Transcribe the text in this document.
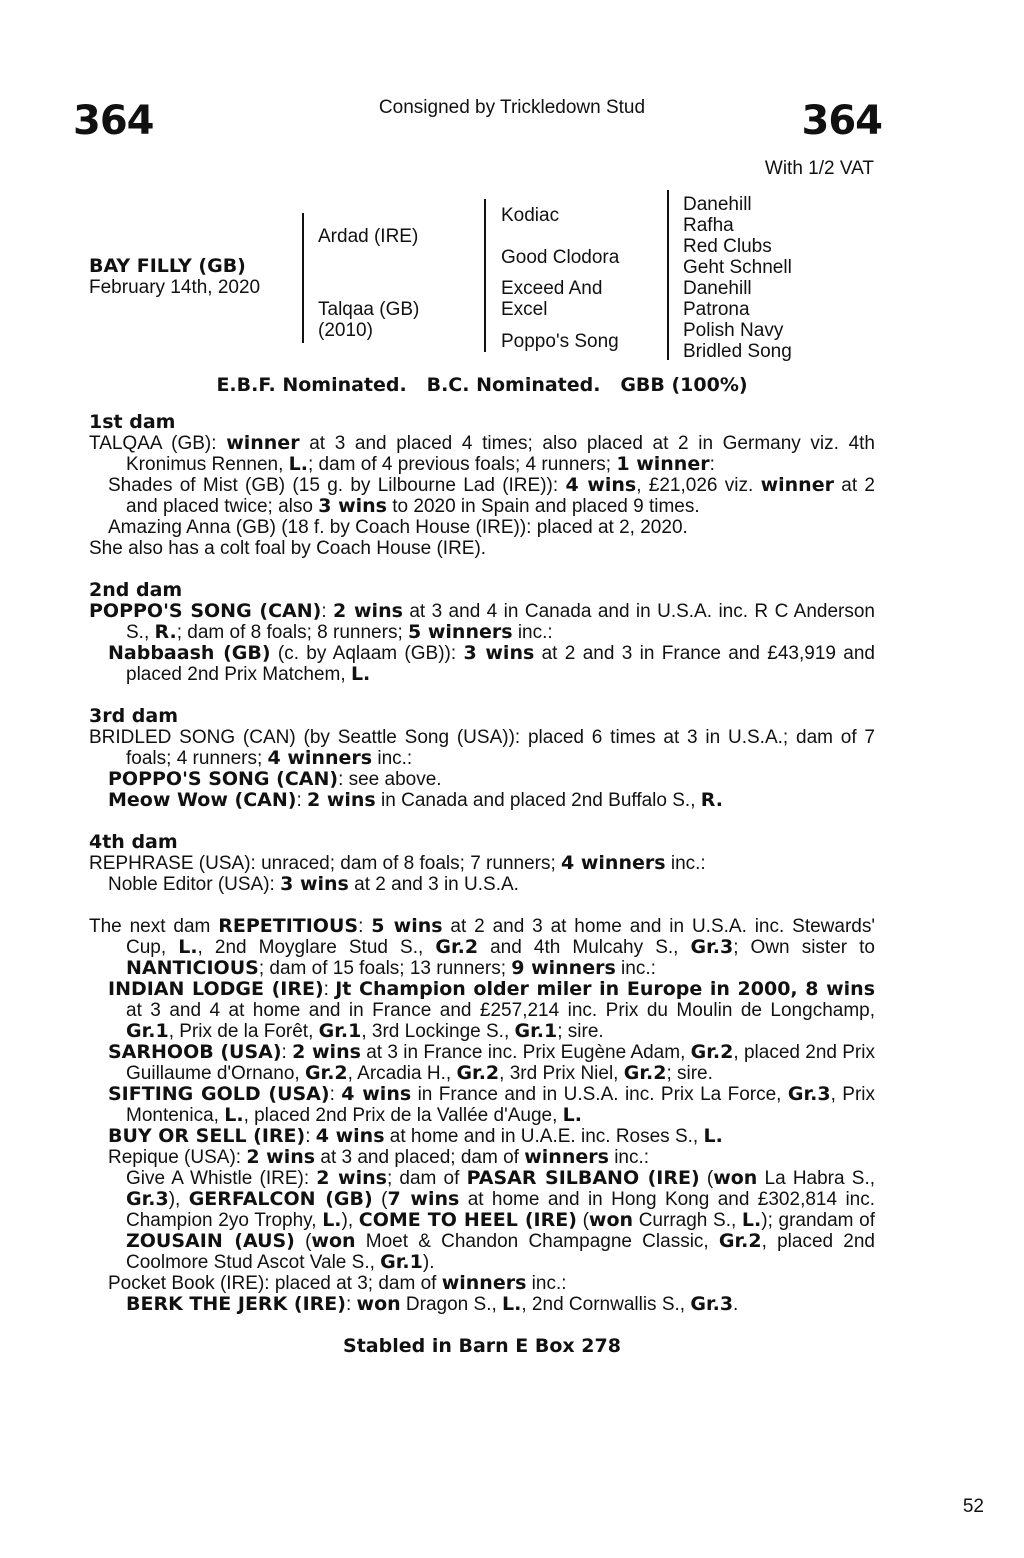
364	Consigned by Trickledown Stud	364
With 1/2 VAT
BAY FILLY (GB)
February 14th, 2020
Ardad (IRE)
Talqaa (GB)
(2010)
Kodiac
Good Clodora
Exceed And
Excel
Poppo's Song
Danehill
Rafha
Red Clubs
Geht Schnell
Danehill
Patrona
Polish Navy
Bridled Song
E.B.F. Nominated.   B.C. Nominated.   GBB (100%)
1st dam
TALQAA (GB): winner at 3 and placed 4 times; also placed at 2 in Germany viz. 4th Kronimus Rennen, L.; dam of 4 previous foals; 4 runners; 1 winner:
Shades of Mist (GB) (15 g. by Lilbourne Lad (IRE)): 4 wins, £21,026 viz. winner at 2 and placed twice; also 3 wins to 2020 in Spain and placed 9 times.
Amazing Anna (GB) (18 f. by Coach House (IRE)): placed at 2, 2020.
She also has a colt foal by Coach House (IRE).
2nd dam
POPPO'S SONG (CAN): 2 wins at 3 and 4 in Canada and in U.S.A. inc. R C Anderson S., R.; dam of 8 foals; 8 runners; 5 winners inc.:
Nabbaash (GB) (c. by Aqlaam (GB)): 3 wins at 2 and 3 in France and £43,919 and placed 2nd Prix Matchem, L.
3rd dam
BRIDLED SONG (CAN) (by Seattle Song (USA)): placed 6 times at 3 in U.S.A.; dam of 7 foals; 4 runners; 4 winners inc.:
POPPO'S SONG (CAN): see above.
Meow Wow (CAN): 2 wins in Canada and placed 2nd Buffalo S., R.
4th dam
REPHRASE (USA): unraced; dam of 8 foals; 7 runners; 4 winners inc.:
Noble Editor (USA): 3 wins at 2 and 3 in U.S.A.
The next dam REPETITIOUS: 5 wins at 2 and 3 at home and in U.S.A. inc. Stewards' Cup, L., 2nd Moyglare Stud S., Gr.2 and 4th Mulcahy S., Gr.3; Own sister to NANTICIOUS; dam of 15 foals; 13 runners; 9 winners inc.:
INDIAN LODGE (IRE): Jt Champion older miler in Europe in 2000, 8 wins at 3 and 4 at home and in France and £257,214 inc. Prix du Moulin de Longchamp, Gr.1, Prix de la Forêt, Gr.1, 3rd Lockinge S., Gr.1; sire.
SARHOOB (USA): 2 wins at 3 in France inc. Prix Eugène Adam, Gr.2, placed 2nd Prix Guillaume d'Ornano, Gr.2, Arcadia H., Gr.2, 3rd Prix Niel, Gr.2; sire.
SIFTING GOLD (USA): 4 wins in France and in U.S.A. inc. Prix La Force, Gr.3, Prix Montenica, L., placed 2nd Prix de la Vallée d'Auge, L.
BUY OR SELL (IRE): 4 wins at home and in U.A.E. inc. Roses S., L.
Repique (USA): 2 wins at 3 and placed; dam of winners inc.:
Give A Whistle (IRE): 2 wins; dam of PASAR SILBANO (IRE) (won La Habra S., Gr.3), GERFALCON (GB) (7 wins at home and in Hong Kong and £302,814 inc. Champion 2yo Trophy, L.), COME TO HEEL (IRE) (won Curragh S., L.); grandam of ZOUSAIN (AUS) (won Moet & Chandon Champagne Classic, Gr.2, placed 2nd Coolmore Stud Ascot Vale S., Gr.1).
Pocket Book (IRE): placed at 3; dam of winners inc.:
BERK THE JERK (IRE): won Dragon S., L., 2nd Cornwallis S., Gr.3.
Stabled in Barn E Box 278
52
